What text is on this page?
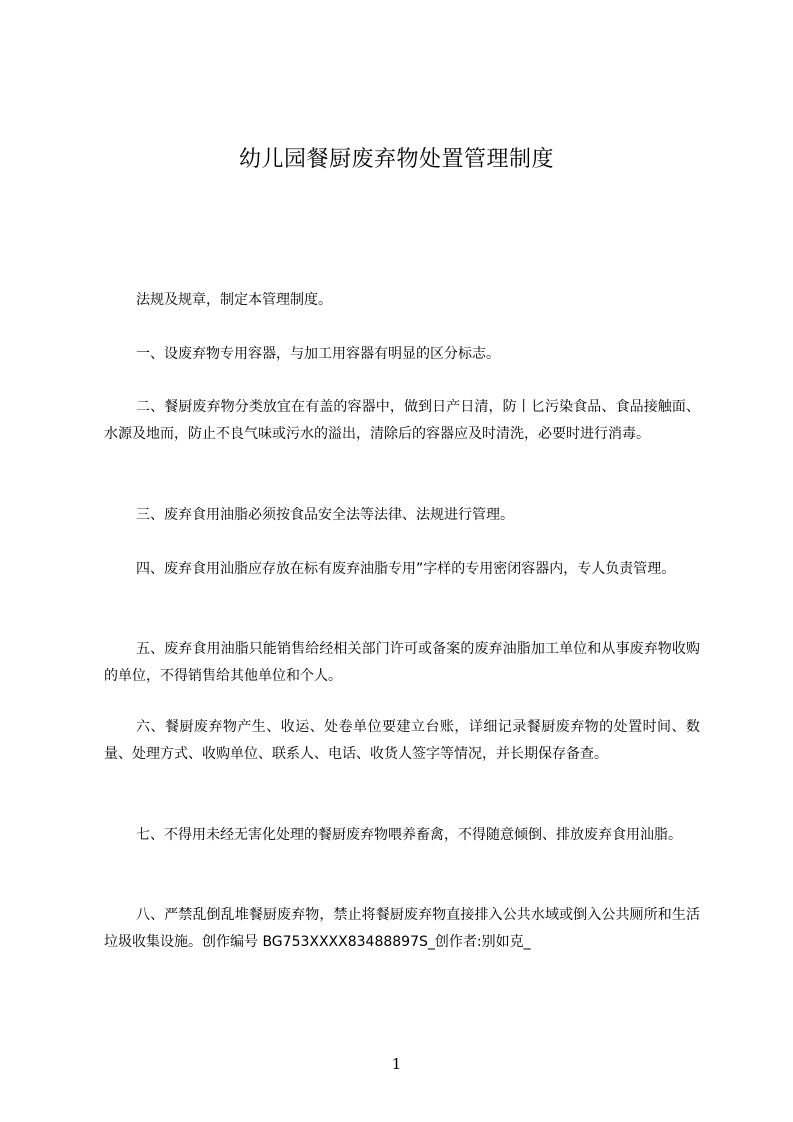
幼儿园餐厨废弃物处置管理制度

法规及规章，制定本管理制度。

一、设废弃物专用容器，与加工用容器有明显的区分标志。

二、餐厨废弃物分类放宜在有盖的容器中，做到日产日清，防丨匕污染食品、食品接触面、水源及地而，防止不良气味或污水的溢出，清除后的容器应及时清洗，必要时进行消毒。

三、废弃食用油脂必须按食品安全法等法律、法规进行管理。

四、废弃食用汕脂应存放在标有废弃油脂专用”字样的专用密闭容器内，专人负责管理。

五、废弃食用油脂只能销售给经相关部门许可或备案的废弃油脂加工单位和从事废弃物收购的单位，不得销售给其他单位和个人。

六、餐厨废弃物产生、收运、处卷单位要建立台账，详细记录餐厨废弃物的处置时间、数量、处理方式、收购单位、联系人、电话、收货人签字等情况，并长期保存备查。

七、不得用未经无害化处理的餐厨废弃物喂养畜禽，不得随意倾倒、排放废弃食用汕脂。

八、严禁乱倒乱堆餐厨废弃物，禁止将餐厨废弃物直接排入公共水域或倒入公共厕所和生活垃圾收集设施。创作编号 BG753XXXX83488897S_创作者:别如克_

1
